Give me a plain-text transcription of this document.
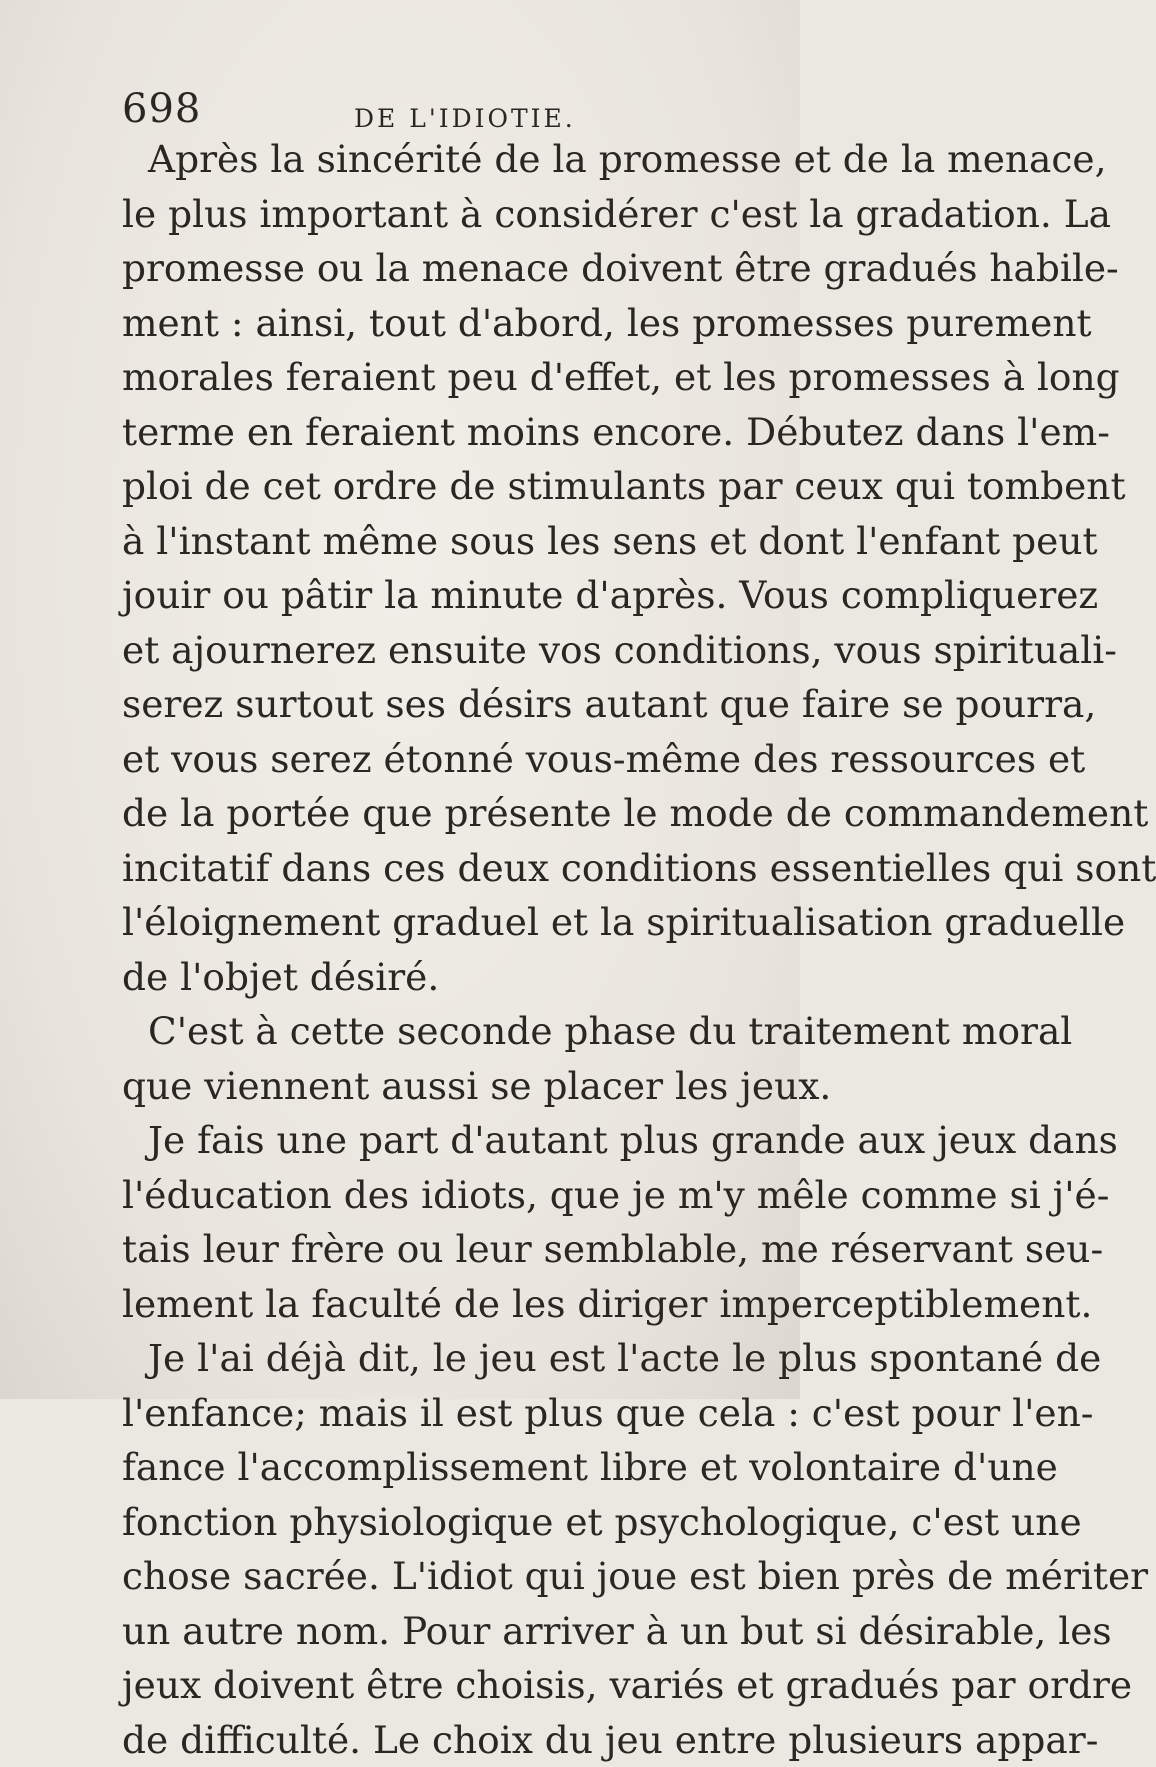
698	DE L'IDIOTIE.
Après la sincérité de la promesse et de la menace,
le plus important à considérer c'est la gradation. La
promesse ou la menace doivent être gradués habile-
ment : ainsi, tout d'abord, les promesses purement
morales feraient peu d'effet, et les promesses à long
terme en feraient moins encore. Débutez dans l'em-
ploi de cet ordre de stimulants par ceux qui tombent
à l'instant même sous les sens et dont l'enfant peut
jouir ou pâtir la minute d'après. Vous compliquerez
et ajournerez ensuite vos conditions, vous spirituali-
serez surtout ses désirs autant que faire se pourra,
et vous serez étonné vous-même des ressources et
de la portée que présente le mode de commandement
incitatif dans ces deux conditions essentielles qui sont
l'éloignement graduel et la spiritualisation graduelle
de l'objet désiré.
C'est à cette seconde phase du traitement moral
que viennent aussi se placer les jeux.
Je fais une part d'autant plus grande aux jeux dans
l'éducation des idiots, que je m'y mêle comme si j'é-
tais leur frère ou leur semblable, me réservant seu-
lement la faculté de les diriger imperceptiblement.
Je l'ai déjà dit, le jeu est l'acte le plus spontané de
l'enfance; mais il est plus que cela : c'est pour l'en-
fance l'accomplissement libre et volontaire d'une
fonction physiologique et psychologique, c'est une
chose sacrée. L'idiot qui joue est bien près de mériter
un autre nom. Pour arriver à un but si désirable, les
jeux doivent être choisis, variés et gradués par ordre
de difficulté. Le choix du jeu entre plusieurs appar-
